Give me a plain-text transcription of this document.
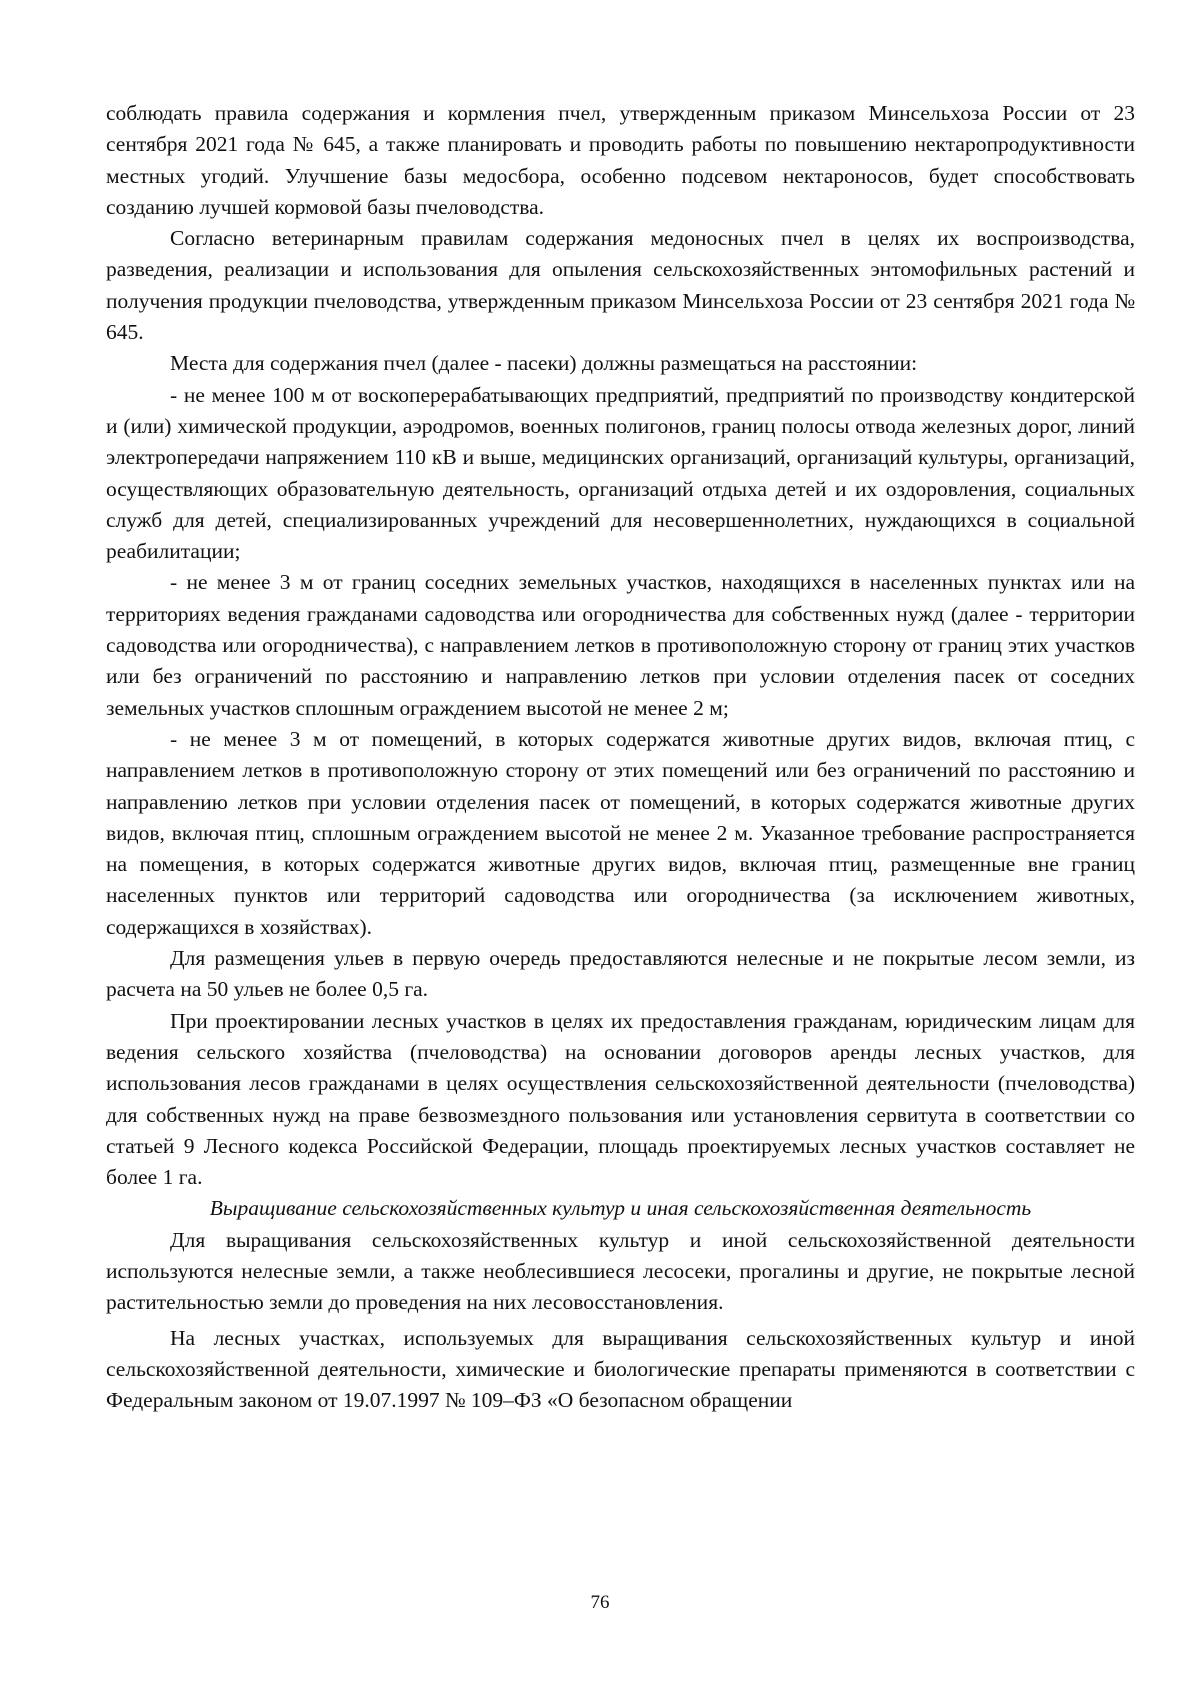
соблюдать правила содержания и кормления пчел, утвержденным приказом Минсельхоза России от 23 сентября 2021 года № 645, а также планировать и проводить работы по повышению нектаропродуктивности местных угодий. Улучшение базы медосбора, особенно подсевом нектароносов, будет способствовать созданию лучшей кормовой базы пчеловодства.

Согласно ветеринарным правилам содержания медоносных пчел в целях их воспроизводства, разведения, реализации и использования для опыления сельскохозяйственных энтомофильных растений и получения продукции пчеловодства, утвержденным приказом Минсельхоза России от 23 сентября 2021 года № 645.

Места для содержания пчел (далее - пасеки) должны размещаться на расстоянии:

- не менее 100 м от воскоперерабатывающих предприятий, предприятий по производству кондитерской и (или) химической продукции, аэродромов, военных полигонов, границ полосы отвода железных дорог, линий электропередачи напряжением 110 кВ и выше, медицинских организаций, организаций культуры, организаций, осуществляющих образовательную деятельность, организаций отдыха детей и их оздоровления, социальных служб для детей, специализированных учреждений для несовершеннолетних, нуждающихся в социальной реабилитации;

- не менее 3 м от границ соседних земельных участков, находящихся в населенных пунктах или на территориях ведения гражданами садоводства или огородничества для собственных нужд (далее - территории садоводства или огородничества), с направлением летков в противоположную сторону от границ этих участков или без ограничений по расстоянию и направлению летков при условии отделения пасек от соседних земельных участков сплошным ограждением высотой не менее 2 м;

- не менее 3 м от помещений, в которых содержатся животные других видов, включая птиц, с направлением летков в противоположную сторону от этих помещений или без ограничений по расстоянию и направлению летков при условии отделения пасек от помещений, в которых содержатся животные других видов, включая птиц, сплошным ограждением высотой не менее 2 м. Указанное требование распространяется на помещения, в которых содержатся животные других видов, включая птиц, размещенные вне границ населенных пунктов или территорий садоводства или огородничества (за исключением животных, содержащихся в хозяйствах).

Для размещения ульев в первую очередь предоставляются нелесные и не покрытые лесом земли, из расчета на 50 ульев не более 0,5 га.

При проектировании лесных участков в целях их предоставления гражданам, юридическим лицам для ведения сельского хозяйства (пчеловодства) на основании договоров аренды лесных участков, для использования лесов гражданами в целях осуществления сельскохозяйственной деятельности (пчеловодства) для собственных нужд на праве безвозмездного пользования или установления сервитута в соответствии со статьей 9 Лесного кодекса Российской Федерации, площадь проектируемых лесных участков составляет не более 1 га.

Выращивание сельскохозяйственных культур и иная сельскохозяйственная деятельность

Для выращивания сельскохозяйственных культур и иной сельскохозяйственной деятельности используются нелесные земли, а также необлесившиеся лесосеки, прогалины и другие, не покрытые лесной растительностью земли до проведения на них лесовосстановления.

На лесных участках, используемых для выращивания сельскохозяйственных культур и иной сельскохозяйственной деятельности, химические и биологические препараты применяются в соответствии с Федеральным законом от 19.07.1997 № 109–ФЗ «О безопасном обращении

76
